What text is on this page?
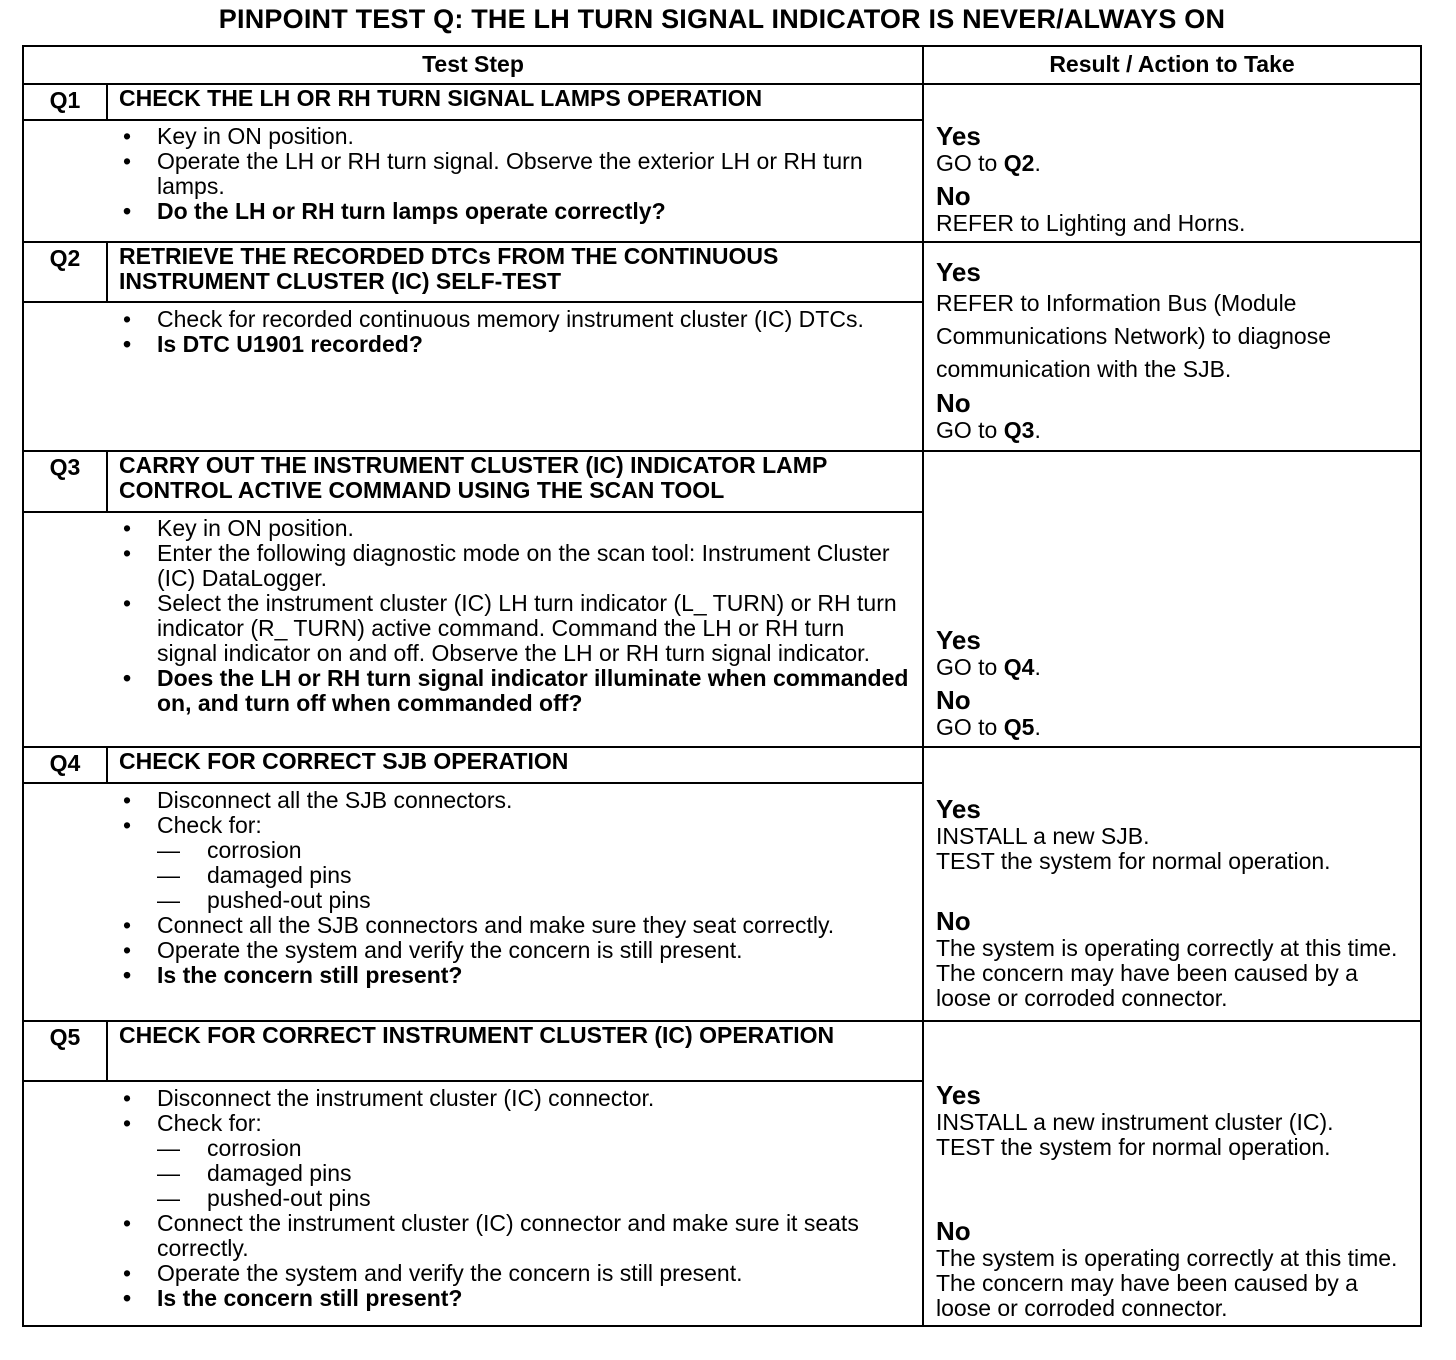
PINPOINT TEST Q: THE LH TURN SIGNAL INDICATOR IS NEVER/ALWAYS ON
Test Step	Result / Action to Take
Q1	CHECK THE LH OR RH TURN SIGNAL LAMPS OPERATION
• Key in ON position.
• Operate the LH or RH turn signal. Observe the exterior LH or RH turn lamps.
• Do the LH or RH turn lamps operate correctly?
Yes
GO to Q2.
No
REFER to Lighting and Horns.
Q2	RETRIEVE THE RECORDED DTCs FROM THE CONTINUOUS INSTRUMENT CLUSTER (IC) SELF-TEST
• Check for recorded continuous memory instrument cluster (IC) DTCs.
• Is DTC U1901 recorded?
Yes
REFER to Information Bus (Module Communications Network) to diagnose communication with the SJB.
No
GO to Q3.
Q3	CARRY OUT THE INSTRUMENT CLUSTER (IC) INDICATOR LAMP CONTROL ACTIVE COMMAND USING THE SCAN TOOL
• Key in ON position.
• Enter the following diagnostic mode on the scan tool: Instrument Cluster (IC) DataLogger.
• Select the instrument cluster (IC) LH turn indicator (L_ TURN) or RH turn indicator (R_ TURN) active command. Command the LH or RH turn signal indicator on and off. Observe the LH or RH turn signal indicator.
• Does the LH or RH turn signal indicator illuminate when commanded on, and turn off when commanded off?
Yes
GO to Q4.
No
GO to Q5.
Q4	CHECK FOR CORRECT SJB OPERATION
• Disconnect all the SJB connectors.
• Check for:
— corrosion
— damaged pins
— pushed-out pins
• Connect all the SJB connectors and make sure they seat correctly.
• Operate the system and verify the concern is still present.
• Is the concern still present?
Yes
INSTALL a new SJB.
TEST the system for normal operation.
No
The system is operating correctly at this time. The concern may have been caused by a loose or corroded connector.
Q5	CHECK FOR CORRECT INSTRUMENT CLUSTER (IC) OPERATION
• Disconnect the instrument cluster (IC) connector.
• Check for:
— corrosion
— damaged pins
— pushed-out pins
• Connect the instrument cluster (IC) connector and make sure it seats correctly.
• Operate the system and verify the concern is still present.
• Is the concern still present?
Yes
INSTALL a new instrument cluster (IC).
TEST the system for normal operation.
No
The system is operating correctly at this time. The concern may have been caused by a loose or corroded connector.
